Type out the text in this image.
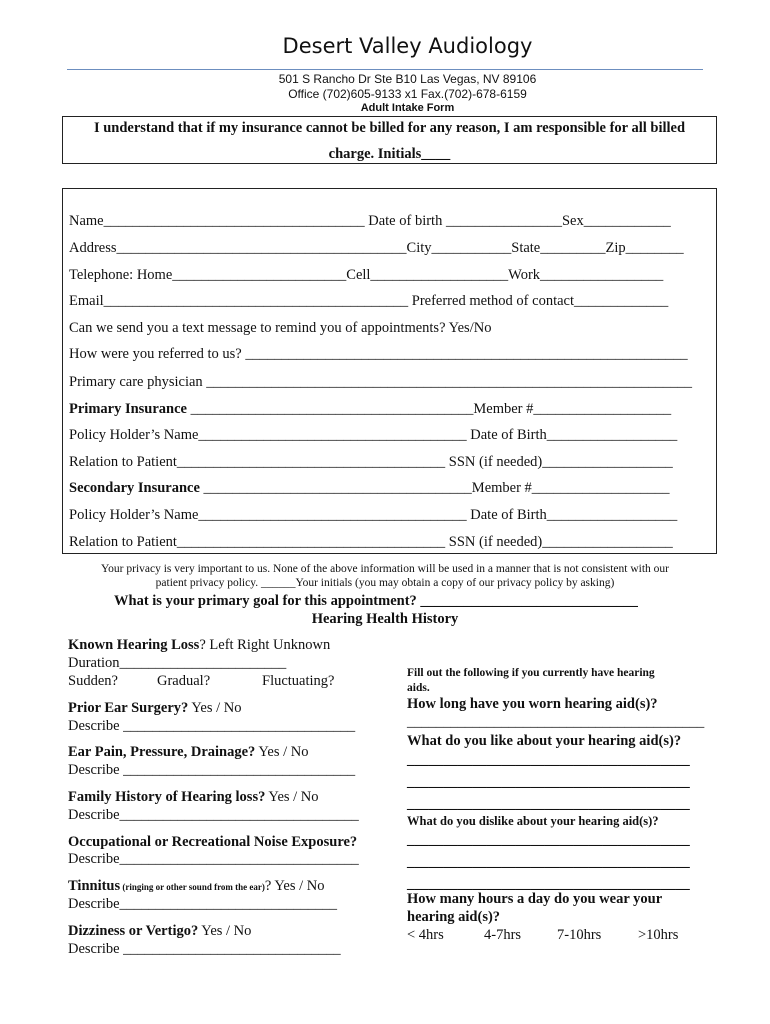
Desert Valley Audiology
501 S Rancho Dr Ste B10 Las Vegas, NV 89106
Office (702)605-9133 x1 Fax.(702)-678-6159
Adult Intake Form

I understand that if my insurance cannot be billed for any reason, I am responsible for all billed

charge. Initials____

Name____________________________________ Date of birth ________________Sex____________
Address________________________________________City___________State_________Zip________
Telephone: Home________________________Cell___________________Work_________________
Email__________________________________________ Preferred method of contact_____________
Can we send you a text message to remind you of appointments? Yes/No
How were you referred to us? _____________________________________________________________
Primary care physician ___________________________________________________________________
Primary Insurance _______________________________________Member #___________________
Policy Holder’s Name_____________________________________ Date of Birth__________________
Relation to Patient_____________________________________ SSN (if needed)__________________
Secondary Insurance _____________________________________Member #___________________
Policy Holder’s Name_____________________________________ Date of Birth__________________
Relation to Patient_____________________________________ SSN (if needed)__________________
Your privacy is very important to us. None of the above information will be used in a manner that is not consistent with our
patient privacy policy. ______Your initials (you may obtain a copy of our privacy policy by asking)
What is your primary goal for this appointment? ______________________________
Hearing Health History
Known Hearing Loss? Left Right Unknown
Duration_______________________
Sudden?	Gradual?	Fluctuating?
Prior Ear Surgery? Yes / No
Describe ________________________________
Ear Pain, Pressure, Drainage? Yes / No
Describe ________________________________
Family History of Hearing loss? Yes / No
Describe_________________________________
Occupational or Recreational Noise Exposure?
Describe_________________________________
Tinnitus (ringing or other sound from the ear)? Yes / No
Describe______________________________
Dizziness or Vertigo? Yes / No
Describe ______________________________
Fill out the following if you currently have hearing
aids.
How long have you worn hearing aid(s)?
_________________________________________
What do you like about your hearing aid(s)?
_______________________________________
_______________________________________
_______________________________________
What do you dislike about your hearing aid(s)?
_______________________________________
_______________________________________
_______________________________________
How many hours a day do you wear your
hearing aid(s)?
< 4hrs	4-7hrs 7-10hrs	>10hrs
